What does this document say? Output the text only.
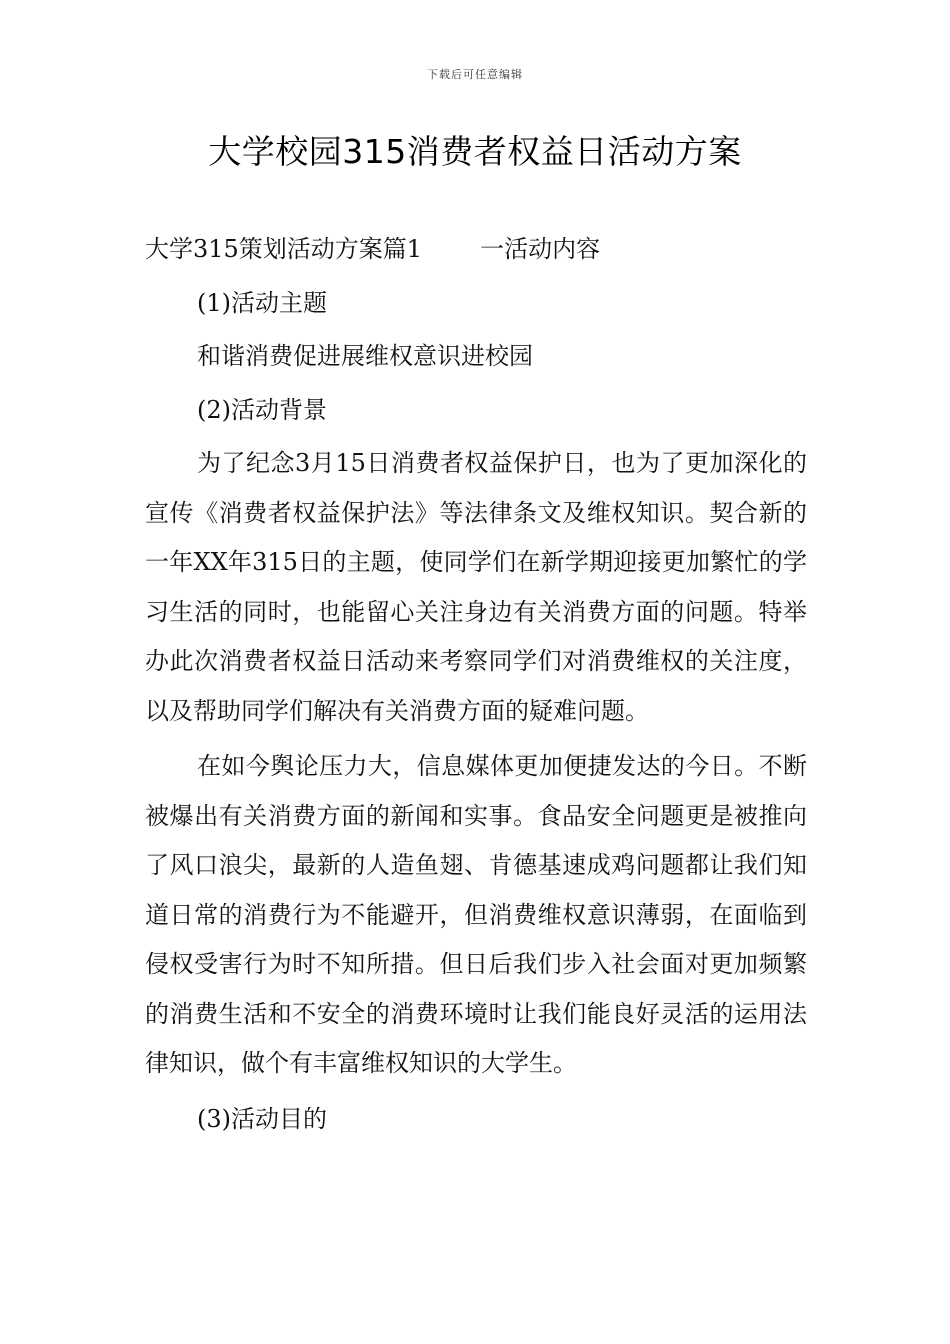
下载后可任意编辑
大学校园315消费者权益日活动方案
大学315策划活动方案篇1 一活动内容
(1)活动主题
和谐消费促进展维权意识进校园
(2)活动背景

为了纪念3月15日消费者权益保护日，也为了更加深化的宣传《消费者权益保护法》等法律条文及维权知识。契合新的一年XX年315日的主题，使同学们在新学期迎接更加繁忙的学习生活的同时，也能留心关注身边有关消费方面的问题。特举办此次消费者权益日活动来考察同学们对消费维权的关注度，以及帮助同学们解决有关消费方面的疑难问题。

在如今舆论压力大，信息媒体更加便捷发达的今日。不断被爆出有关消费方面的新闻和实事。食品安全问题更是被推向了风口浪尖，最新的人造鱼翅、肯德基速成鸡问题都让我们知道日常的消费行为不能避开，但消费维权意识薄弱，在面临到侵权受害行为时不知所措。但日后我们步入社会面对更加频繁的消费生活和不安全的消费环境时让我们能良好灵活的运用法律知识，做个有丰富维权知识的大学生。

(3)活动目的
